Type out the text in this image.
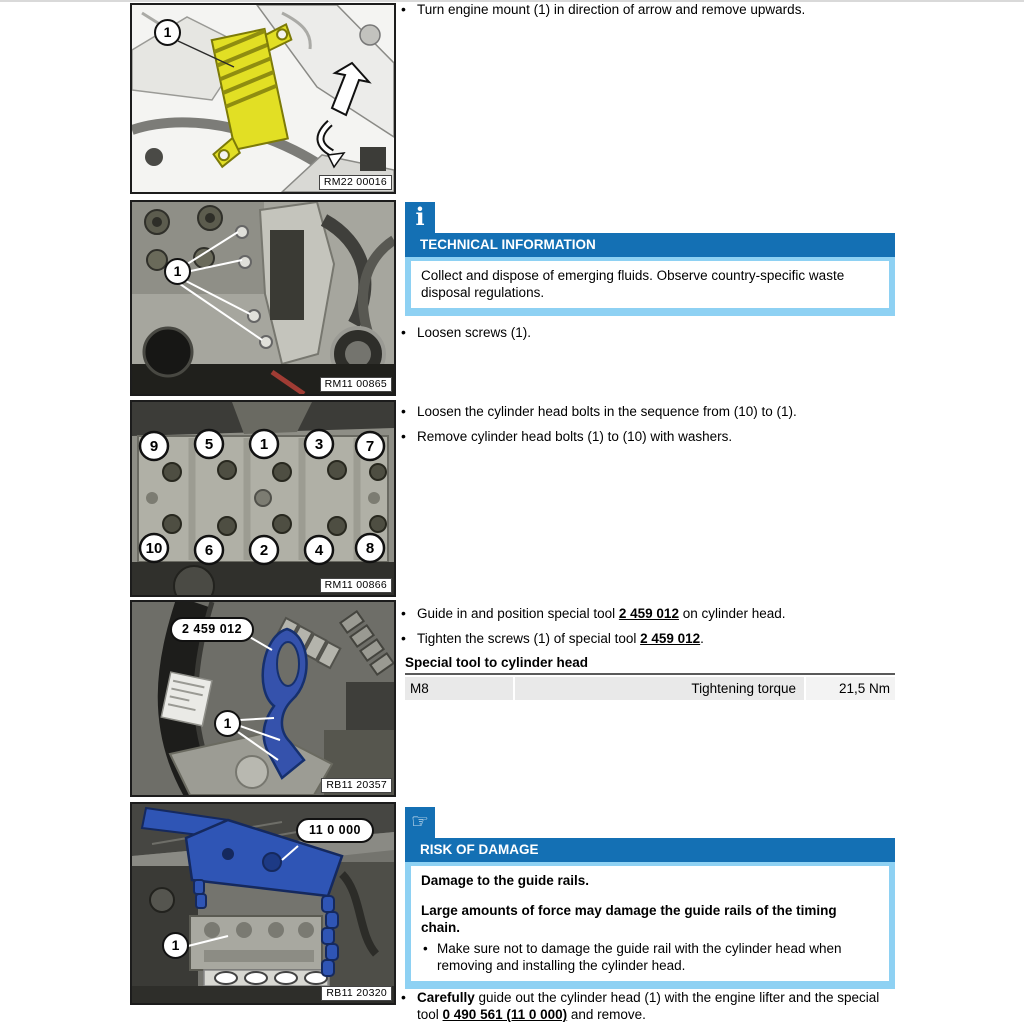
1
RM22 00016
1
RM11 00865
9	5	1	3	7
10	6	2	4	8
RM11 00866
2 459 012
1
RB11 20357
11 0 000
1
RB11 20320
• Turn engine mount (1) in direction of arrow and remove upwards.
i
TECHNICAL INFORMATION
Collect and dispose of emerging fluids. Observe country-specific waste disposal regulations.
• Loosen screws (1).
• Loosen the cylinder head bolts in the sequence from (10) to (1).
• Remove cylinder head bolts (1) to (10) with washers.
• Guide in and position special tool 2 459 012 on cylinder head.
• Tighten the screws (1) of special tool 2 459 012.
Special tool to cylinder head
M8	Tightening torque	21,5 Nm
☞
RISK OF DAMAGE
Damage to the guide rails.
Large amounts of force may damage the guide rails of the timing chain.
• Make sure not to damage the guide rail with the cylinder head when removing and installing the cylinder head.
• Carefully guide out the cylinder head (1) with the engine lifter and the special tool 0 490 561 (11 0 000) and remove.
